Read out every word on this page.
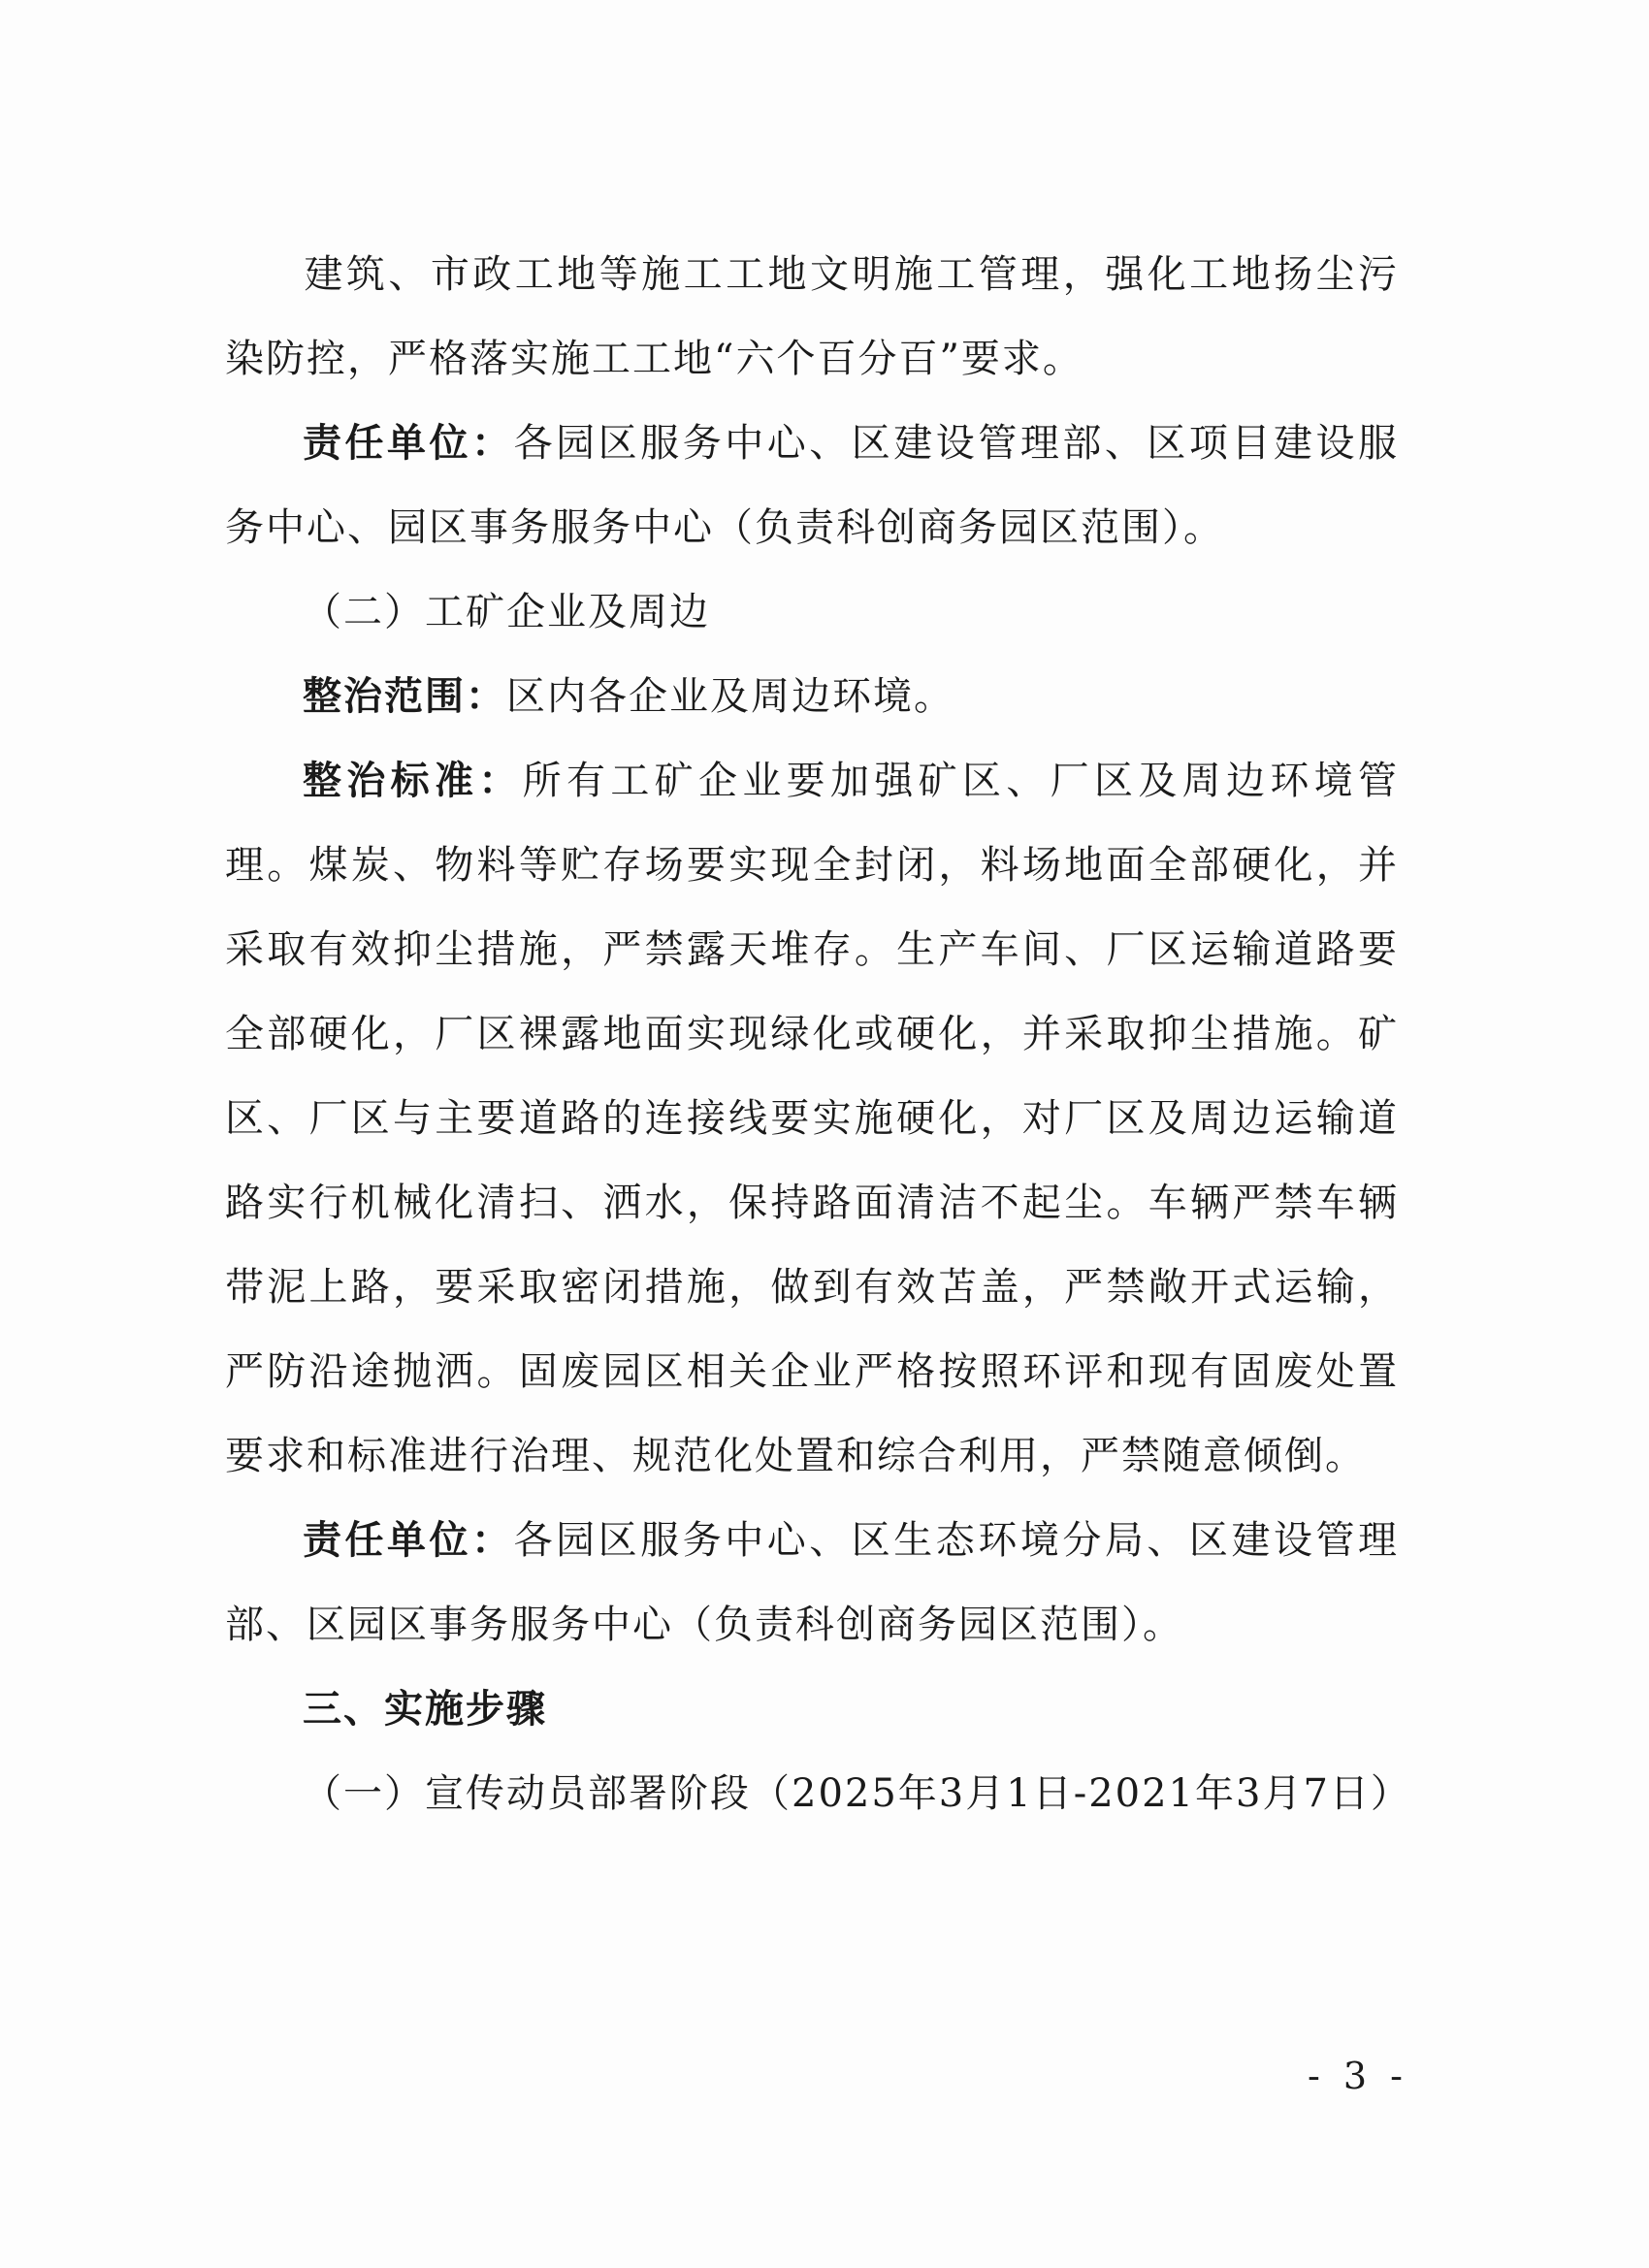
建筑、市政工地等施工工地文明施工管理，强化工地扬尘污染防控，严格落实施工工地“六个百分百”要求。

责任单位：各园区服务中心、区建设管理部、区项目建设服务中心、园区事务服务中心（负责科创商务园区范围）。

（二）工矿企业及周边

整治范围：区内各企业及周边环境。

整治标准：所有工矿企业要加强矿区、厂区及周边环境管理。煤炭、物料等贮存场要实现全封闭，料场地面全部硬化，并采取有效抑尘措施，严禁露天堆存。生产车间、厂区运输道路要全部硬化，厂区裸露地面实现绿化或硬化，并采取抑尘措施。矿区、厂区与主要道路的连接线要实施硬化，对厂区及周边运输道路实行机械化清扫、洒水，保持路面清洁不起尘。车辆严禁车辆带泥上路，要采取密闭措施，做到有效苫盖，严禁敞开式运输，严防沿途抛洒。固废园区相关企业严格按照环评和现有固废处置要求和标准进行治理、规范化处置和综合利用，严禁随意倾倒。

责任单位：各园区服务中心、区生态环境分局、区建设管理部、区园区事务服务中心（负责科创商务园区范围）。

三、实施步骤

（一）宣传动员部署阶段（2025年3月1日-2021年3月7日）

- 3 -
